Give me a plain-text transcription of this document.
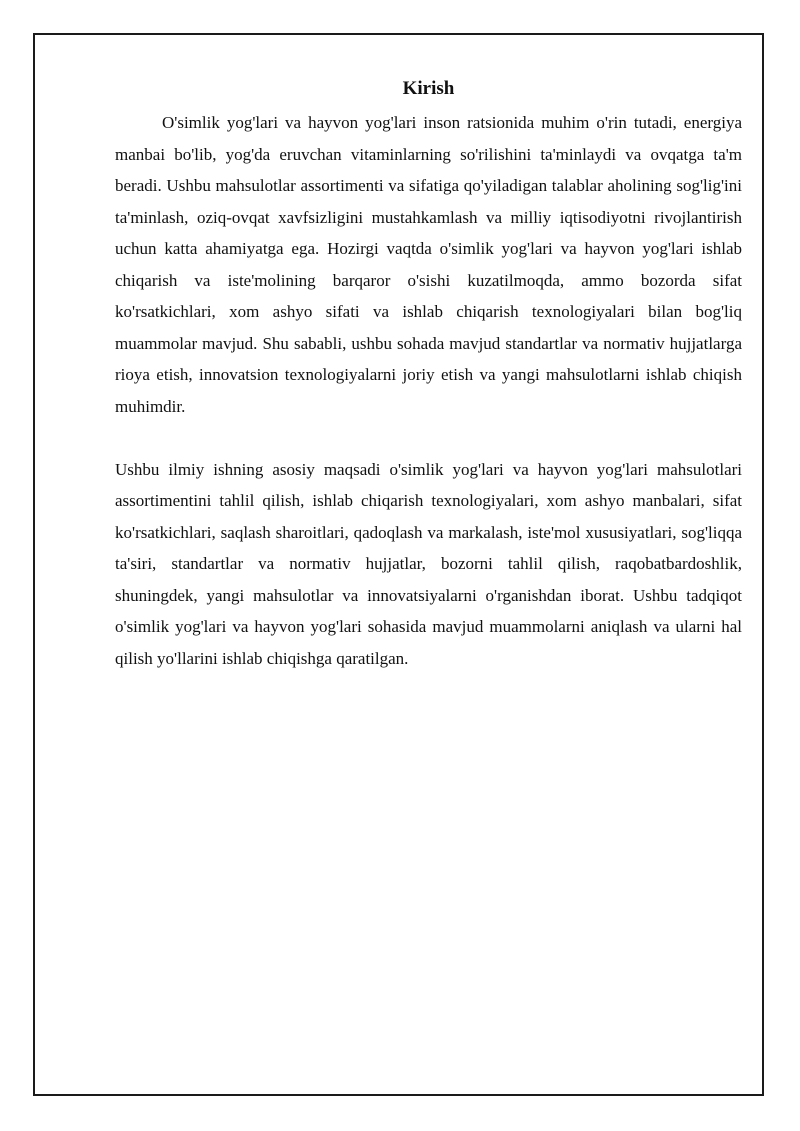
Kirish

O'simlik yog'lari va hayvon yog'lari inson ratsionida muhim o'rin tutadi, energiya manbai bo'lib, yog'da eruvchan vitaminlarning so'rilishini ta'minlaydi va ovqatga ta'm beradi. Ushbu mahsulotlar assortimenti va sifatiga qo'yiladigan talablar aholining sog'lig'ini ta'minlash, oziq-ovqat xavfsizligini mustahkamlash va milliy iqtisodiyotni rivojlantirish uchun katta ahamiyatga ega. Hozirgi vaqtda o'simlik yog'lari va hayvon yog'lari ishlab chiqarish va iste'molining barqaror o'sishi kuzatilmoqda, ammo bozorda sifat ko'rsatkichlari, xom ashyo sifati va ishlab chiqarish texnologiyalari bilan bog'liq muammolar mavjud. Shu sababli, ushbu sohada mavjud standartlar va normativ hujjatlarga rioya etish, innovatsion texnologiyalarni joriy etish va yangi mahsulotlarni ishlab chiqish muhimdir.

Ushbu ilmiy ishning asosiy maqsadi o'simlik yog'lari va hayvon yog'lari mahsulotlari assortimentini tahlil qilish, ishlab chiqarish texnologiyalari, xom ashyo manbalari, sifat ko'rsatkichlari, saqlash sharoitlari, qadoqlash va markalash, iste'mol xususiyatlari, sog'liqqa ta'siri, standartlar va normativ hujjatlar, bozorni tahlil qilish, raqobatbardoshlik, shuningdek, yangi mahsulotlar va innovatsiyalarni o'rganishdan iborat. Ushbu tadqiqot o'simlik yog'lari va hayvon yog'lari sohasida mavjud muammolarni aniqlash va ularni hal qilish yo'llarini ishlab chiqishga qaratilgan.
